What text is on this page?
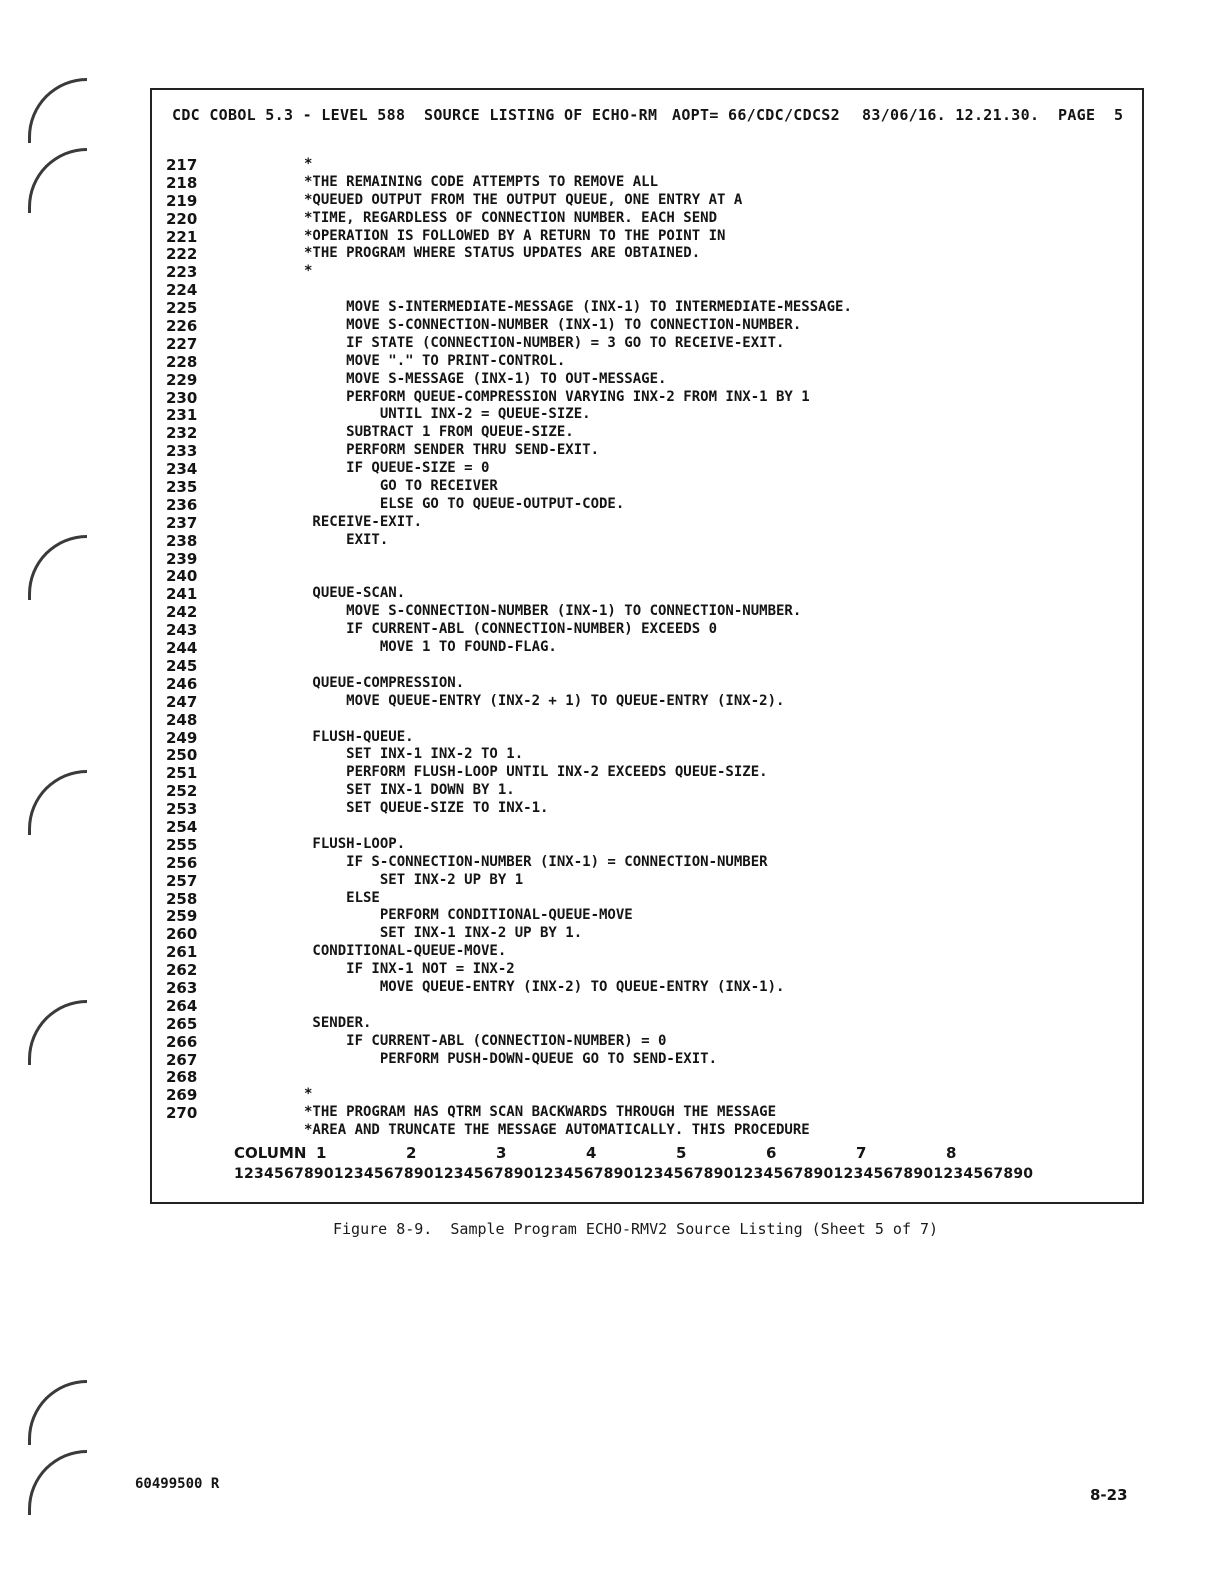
CDC COBOL 5.3 - LEVEL 588

SOURCE LISTING OF ECHO-RM

AOPT= 66/CDC/CDCS2

83/06/16. 12.21.30.

PAGE  5

217	*
218	*THE REMAINING CODE ATTEMPTS TO REMOVE ALL
219	*QUEUED OUTPUT FROM THE OUTPUT QUEUE, ONE ENTRY AT A
220	*TIME, REGARDLESS OF CONNECTION NUMBER. EACH SEND
221	*OPERATION IS FOLLOWED BY A RETURN TO THE POINT IN
222	*THE PROGRAM WHERE STATUS UPDATES ARE OBTAINED.
223	*
224
225	MOVE S-INTERMEDIATE-MESSAGE (INX-1) TO INTERMEDIATE-MESSAGE.
226	MOVE S-CONNECTION-NUMBER (INX-1) TO CONNECTION-NUMBER.
227	IF STATE (CONNECTION-NUMBER) = 3 GO TO RECEIVE-EXIT.
228	MOVE "." TO PRINT-CONTROL.
229	MOVE S-MESSAGE (INX-1) TO OUT-MESSAGE.
230	PERFORM QUEUE-COMPRESSION VARYING INX-2 FROM INX-1 BY 1
231	UNTIL INX-2 = QUEUE-SIZE.
232	SUBTRACT 1 FROM QUEUE-SIZE.
233	PERFORM SENDER THRU SEND-EXIT.
234	IF QUEUE-SIZE = 0
235	GO TO RECEIVER
236	ELSE GO TO QUEUE-OUTPUT-CODE.
237	RECEIVE-EXIT.
238	EXIT.
239
240
241	QUEUE-SCAN.
242	MOVE S-CONNECTION-NUMBER (INX-1) TO CONNECTION-NUMBER.
243	IF CURRENT-ABL (CONNECTION-NUMBER) EXCEEDS 0
244	MOVE 1 TO FOUND-FLAG.
245
246	QUEUE-COMPRESSION.
247	MOVE QUEUE-ENTRY (INX-2 + 1) TO QUEUE-ENTRY (INX-2).
248
249	FLUSH-QUEUE.
250	SET INX-1 INX-2 TO 1.
251	PERFORM FLUSH-LOOP UNTIL INX-2 EXCEEDS QUEUE-SIZE.
252	SET INX-1 DOWN BY 1.
253	SET QUEUE-SIZE TO INX-1.
254
255	FLUSH-LOOP.
256	IF S-CONNECTION-NUMBER (INX-1) = CONNECTION-NUMBER
257	SET INX-2 UP BY 1
258	ELSE
259	PERFORM CONDITIONAL-QUEUE-MOVE
260	SET INX-1 INX-2 UP BY 1.
261	CONDITIONAL-QUEUE-MOVE.
262	IF INX-1 NOT = INX-2
263	MOVE QUEUE-ENTRY (INX-2) TO QUEUE-ENTRY (INX-1).
264
265	SENDER.
266	IF CURRENT-ABL (CONNECTION-NUMBER) = 0
267	PERFORM PUSH-DOWN-QUEUE GO TO SEND-EXIT.
268
269	*
270	*THE PROGRAM HAS QTRM SCAN BACKWARDS THROUGH THE MESSAGE
*AREA AND TRUNCATE THE MESSAGE AUTOMATICALLY. THIS PROCEDURE
COLUMN 1	2	3	4	5	6	7	8
12345678901234567890123456789012345678901234567890123456789012345678901234567890
Figure 8-9.  Sample Program ECHO-RMV2 Source Listing (Sheet 5 of 7)
60499500 R
8-23
